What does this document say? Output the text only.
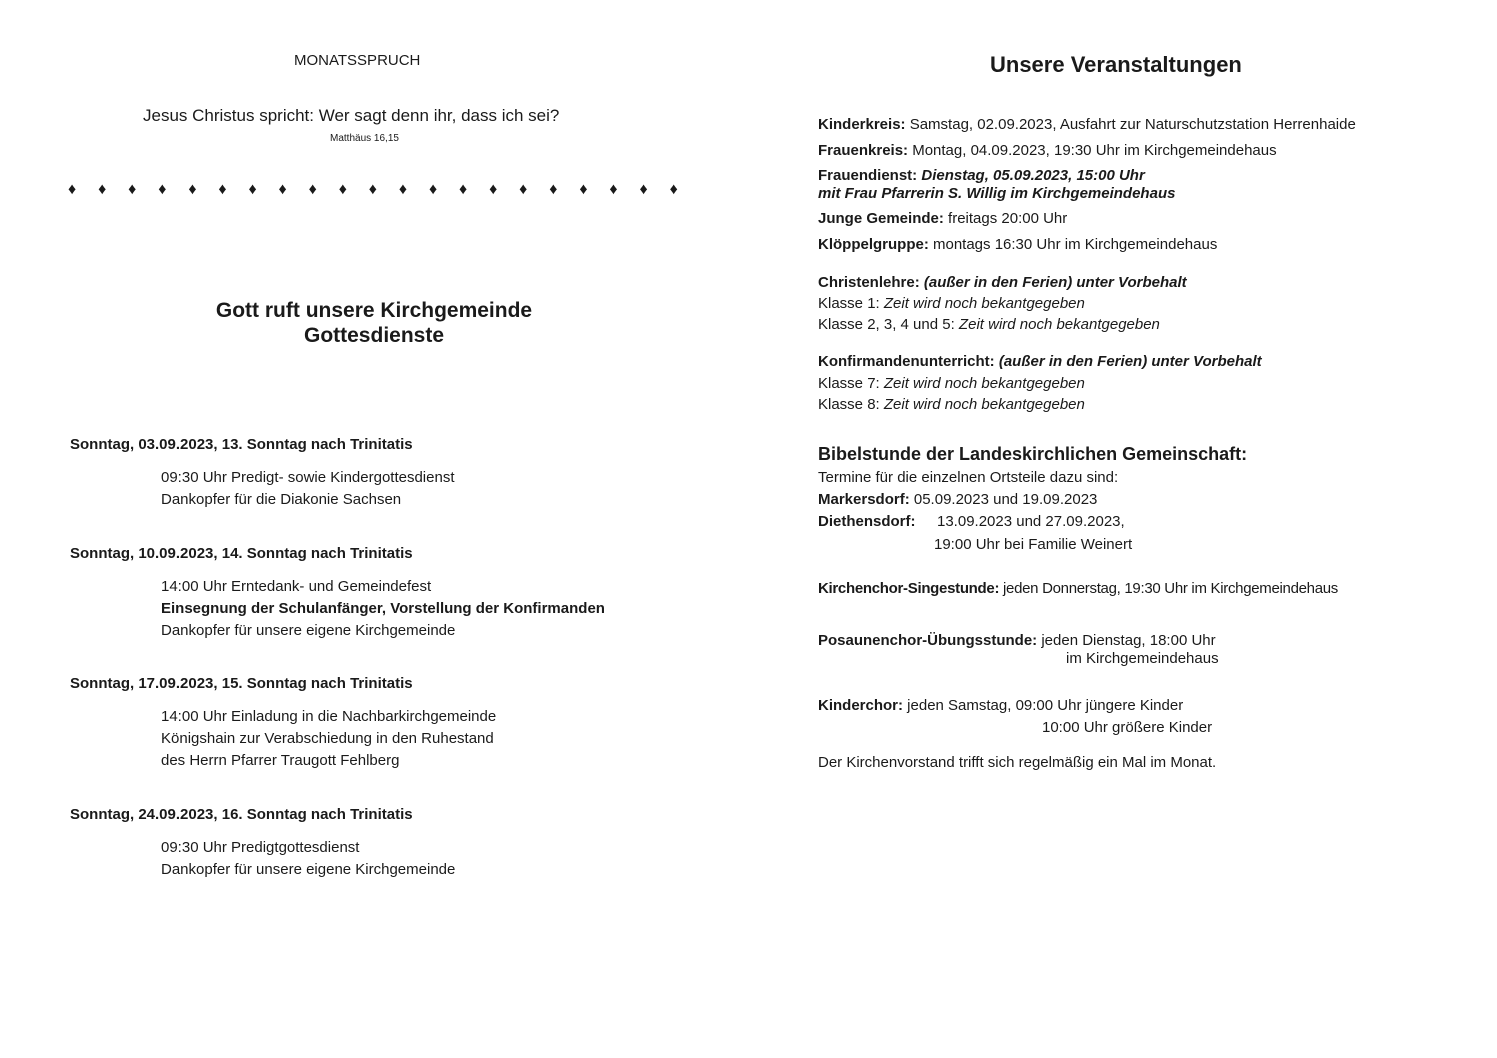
MONATSSPRUCH
Jesus Christus spricht: Wer sagt denn ihr, dass ich sei?
Matthäus 16,15
♦ ♦ ♦ ♦ ♦ ♦ ♦ ♦ ♦ ♦ ♦ ♦ ♦ ♦ ♦ ♦ ♦ ♦ ♦ ♦ ♦
Gott ruft unsere Kirchgemeinde
Gottesdienste
Sonntag, 03.09.2023, 13. Sonntag nach Trinitatis
09:30 Uhr Predigt- sowie Kindergottesdienst
Dankopfer für die Diakonie Sachsen
Sonntag, 10.09.2023, 14. Sonntag nach Trinitatis
14:00 Uhr Erntedank- und Gemeindefest
Einsegnung der Schulanfänger, Vorstellung der Konfirmanden
Dankopfer für unsere eigene Kirchgemeinde
Sonntag, 17.09.2023, 15. Sonntag nach Trinitatis
14:00 Uhr Einladung in die Nachbarkirchgemeinde
Königshain zur Verabschiedung in den Ruhestand
des Herrn Pfarrer Traugott Fehlberg
Sonntag, 24.09.2023, 16. Sonntag nach Trinitatis
09:30 Uhr Predigtgottesdienst
Dankopfer für unsere eigene Kirchgemeinde
Unsere Veranstaltungen
Kinderkreis: Samstag, 02.09.2023, Ausfahrt zur Naturschutzstation Herrenhaide
Frauenkreis: Montag, 04.09.2023, 19:30 Uhr im Kirchgemeindehaus
Frauendienst: Dienstag, 05.09.2023, 15:00 Uhr
mit Frau Pfarrerin S. Willig im Kirchgemeindehaus
Junge Gemeinde: freitags 20:00 Uhr
Klöppelgruppe: montags 16:30 Uhr im Kirchgemeindehaus
Christenlehre: (außer in den Ferien) unter Vorbehalt
Klasse 1: Zeit wird noch bekantgegeben
Klasse 2, 3, 4 und 5: Zeit wird noch bekantgegeben
Konfirmandenunterricht: (außer in den Ferien) unter Vorbehalt
Klasse 7: Zeit wird noch bekantgegeben
Klasse 8: Zeit wird noch bekantgegeben
Bibelstunde der Landeskirchlichen Gemeinschaft:
Termine für die einzelnen Ortsteile dazu sind:
Markersdorf: 05.09.2023 und 19.09.2023
Diethensdorf: 13.09.2023 und 27.09.2023,
19:00 Uhr bei Familie Weinert
Kirchenchor-Singestunde: jeden Donnerstag, 19:30 Uhr im Kirchgemeindehaus
Posaunenchor-Übungsstunde: jeden Dienstag, 18:00 Uhr
im Kirchgemeindehaus
Kinderchor: jeden Samstag, 09:00 Uhr jüngere Kinder
10:00 Uhr größere Kinder
Der Kirchenvorstand trifft sich regelmäßig ein Mal im Monat.
